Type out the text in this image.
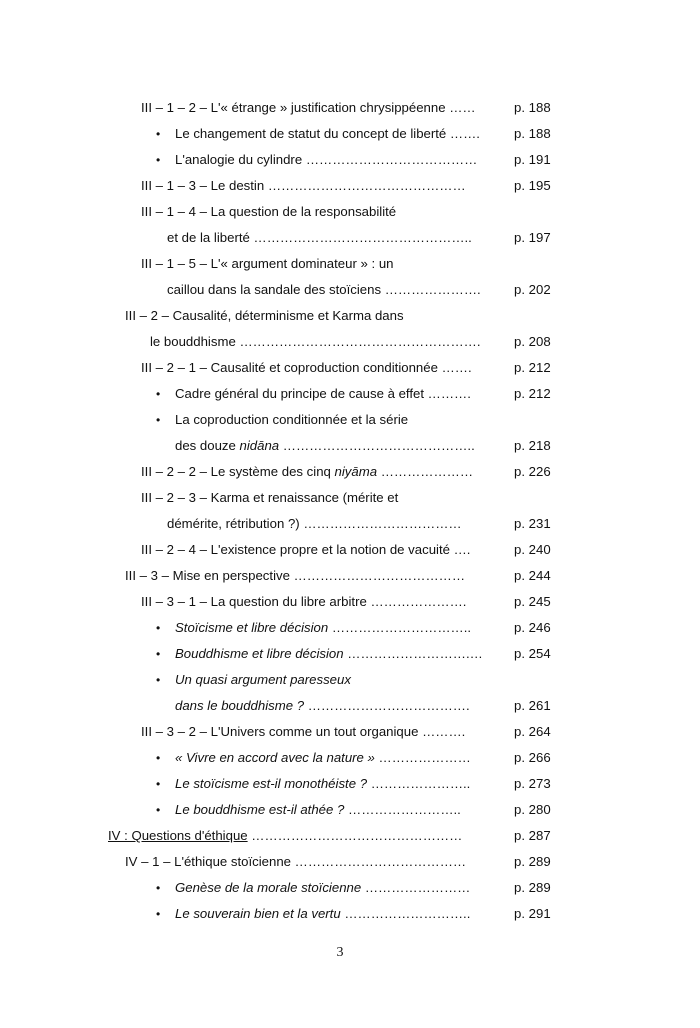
III – 1 – 2 – L'« étrange » justification chrysippéenne ……	p. 188
• Le changement de statut du concept de liberté …….	p. 188
• L'analogie du cylindre …………………………………	p. 191
III – 1 – 3 – Le destin ………………………………………	p. 195
III – 1 – 4 – La question de la responsabilité
et de la liberté …………………………………………..	p. 197
III – 1 – 5 – L'« argument dominateur » : un
caillou dans la sandale des stoïciens ………………….	p. 202
III – 2 – Causalité, déterminisme et Karma dans
le bouddhisme ……………………………………………….	p. 208
III – 2 – 1 – Causalité et coproduction conditionnée …….	p. 212
• Cadre général du principe de cause à effet ……….	p. 212
• La coproduction conditionnée et la série
des douze nidāna ……………………………………..	p. 218
III – 2 – 2 – Le système des cinq niyāma …………………	p. 226
III – 2 – 3 – Karma et renaissance (mérite et
démérite, rétribution ?) ………………………………	p. 231
III – 2 – 4 – L'existence propre et la notion de vacuité ….	p. 240
III – 3 – Mise en perspective …………………………………	p. 244
III – 3 – 1 – La question du libre arbitre ………………….	p. 245
• Stoïcisme et libre décision …………………………..	p. 246
• Bouddhisme et libre décision ……………………….… p. 254
• Un quasi argument paresseux
dans le bouddhisme ? ……………………………….	p. 261
III – 3 – 2 – L'Univers comme un tout organique ……….	p. 264
• « Vivre en accord avec la nature » …………………	p. 266
• Le stoïcisme est-il monothéiste ? …………………..	p. 273
• Le bouddhisme est-il athée ? ……………………..	p. 280
IV : Questions d'éthique …………………………………………	p. 287
IV – 1 – L'éthique stoïcienne …………………………………	p. 289
• Genèse de la morale stoïcienne ……………………	p. 289
• Le souverain bien et la vertu ………………………..	p. 291
3
